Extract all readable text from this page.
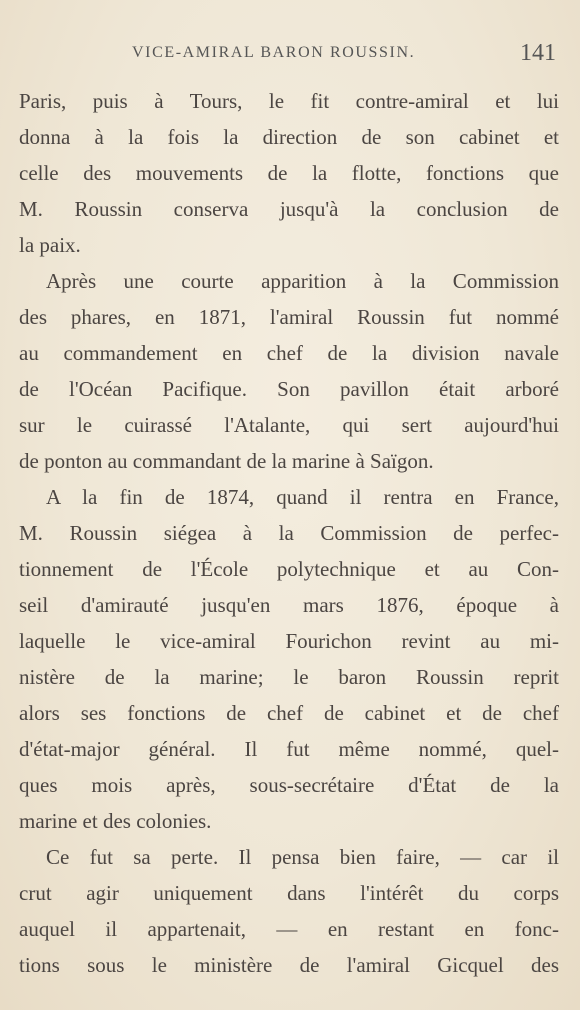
VICE-AMIRAL BARON ROUSSIN.	141
Paris, puis à Tours, le fit contre-amiral et lui
donna à la fois la direction de son cabinet et
celle des mouvements de la flotte, fonctions que
M. Roussin conserva jusqu'à la conclusion de
la paix.
Après une courte apparition à la Commission
des phares, en 1871, l'amiral Roussin fut nommé
au commandement en chef de la division navale
de l'Océan Pacifique. Son pavillon était arboré
sur le cuirassé l'Atalante, qui sert aujourd'hui
de ponton au commandant de la marine à Saïgon.
A la fin de 1874, quand il rentra en France,
M. Roussin siégea à la Commission de perfec-
tionnement de l'École polytechnique et au Con-
seil d'amirauté jusqu'en mars 1876, époque à
laquelle le vice-amiral Fourichon revint au mi-
nistère de la marine; le baron Roussin reprit
alors ses fonctions de chef de cabinet et de chef
d'état-major général. Il fut même nommé, quel-
ques mois après, sous-secrétaire d'État de la
marine et des colonies.
Ce fut sa perte. Il pensa bien faire, — car il
crut agir uniquement dans l'intérêt du corps
auquel il appartenait, — en restant en fonc-
tions sous le ministère de l'amiral Gicquel des
